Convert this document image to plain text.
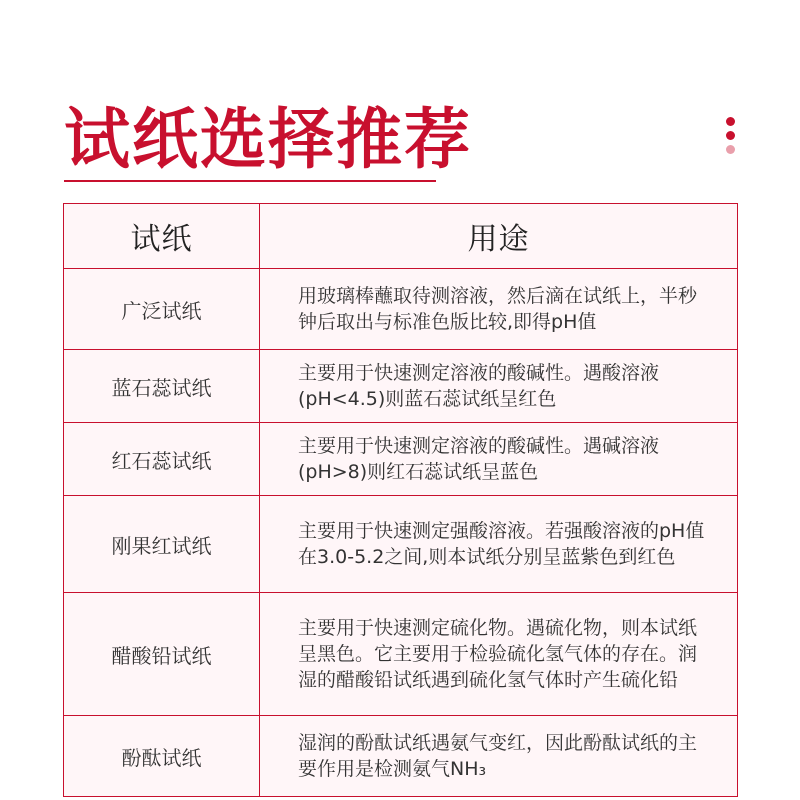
试纸选择推荐
试纸	用途
广泛试纸	用玻璃棒蘸取待测溶液，然后滴在试纸上，半秒钟后取出与标准色版比较,即得pH值
蓝石蕊试纸	主要用于快速测定溶液的酸碱性。遇酸溶液(pH<4.5)则蓝石蕊试纸呈红色
红石蕊试纸	主要用于快速测定溶液的酸碱性。遇碱溶液(pH>8)则红石蕊试纸呈蓝色
刚果红试纸	主要用于快速测定强酸溶液。若强酸溶液的pH值在3.0-5.2之间,则本试纸分别呈蓝紫色到红色
醋酸铅试纸	主要用于快速测定硫化物。遇硫化物，则本试纸呈黑色。它主要用于检验硫化氢气体的存在。润湿的醋酸铅试纸遇到硫化氢气体时产生硫化铅
酚酞试纸	湿润的酚酞试纸遇氨气变红，因此酚酞试纸的主要作用是检测氨气NH₃
